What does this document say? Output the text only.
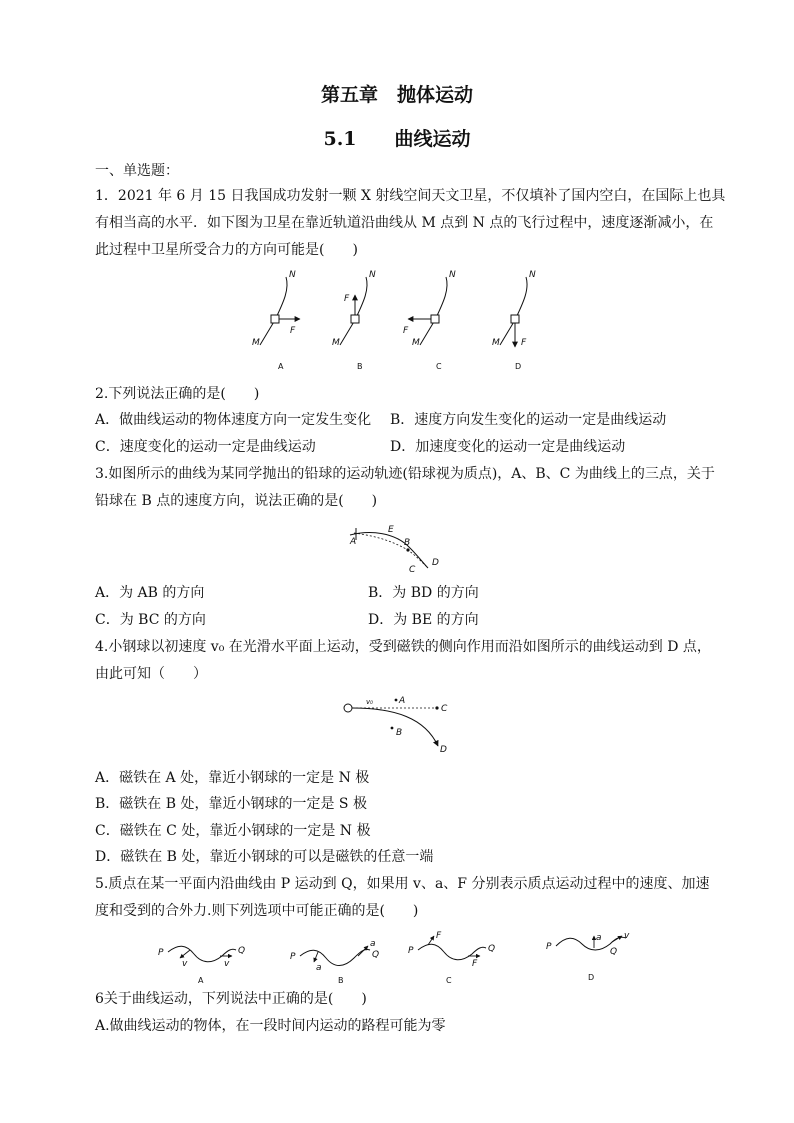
第五章　抛体运动
5.1　　曲线运动
一、单选题：
1．2021 年 6 月 15 日我国成功发射一颗 X 射线空间天文卫星，不仅填补了国内空白，在国际上也具
有相当高的水平．如下图为卫星在靠近轨道沿曲线从 M 点到 N 点的飞行过程中，速度逐渐减小，在
此过程中卫星所受合力的方向可能是(　　)
N
M
F
A
N
M
F
B
N
M
F
C
N
M F
D
2.下列说法正确的是(　　)
A．做曲线运动的物体速度方向一定发生变化 B．速度方向发生变化的运动一定是曲线运动
C．速度变化的运动一定是曲线运动	D．加速度变化的运动一定是曲线运动
3.如图所示的曲线为某同学抛出的铅球的运动轨迹(铅球视为质点)，A、B、C 为曲线上的三点，关于
铅球在 B 点的速度方向，说法正确的是(　　)
A
E
B
C
D
A．为 AB 的方向	B．为 BD 的方向
C．为 BC 的方向	D．为 BE 的方向
4.小钢球以初速度 v₀ 在光滑水平面上运动，受到磁铁的侧向作用而沿如图所示的曲线运动到 D 点，
由此可知（　　）
v₀	A
C
B
D
A．磁铁在 A 处，靠近小钢球的一定是 N 极
B．磁铁在 B 处，靠近小钢球的一定是 S 极
C．磁铁在 C 处，靠近小钢球的一定是 N 极
D．磁铁在 B 处，靠近小钢球的可以是磁铁的任意一端
5.质点在某一平面内沿曲线由 P 运动到 Q，如果用 v、a、F 分别表示质点运动过程中的速度、加速
度和受到的合外力.则下列选项中可能正确的是(　　)
P	Q
v	v
A
P	Q
a
a
B
P	Q
F
F
C
P	Q
a v
D
6关于曲线运动，下列说法中正确的是(　　)
A.做曲线运动的物体，在一段时间内运动的路程可能为零
